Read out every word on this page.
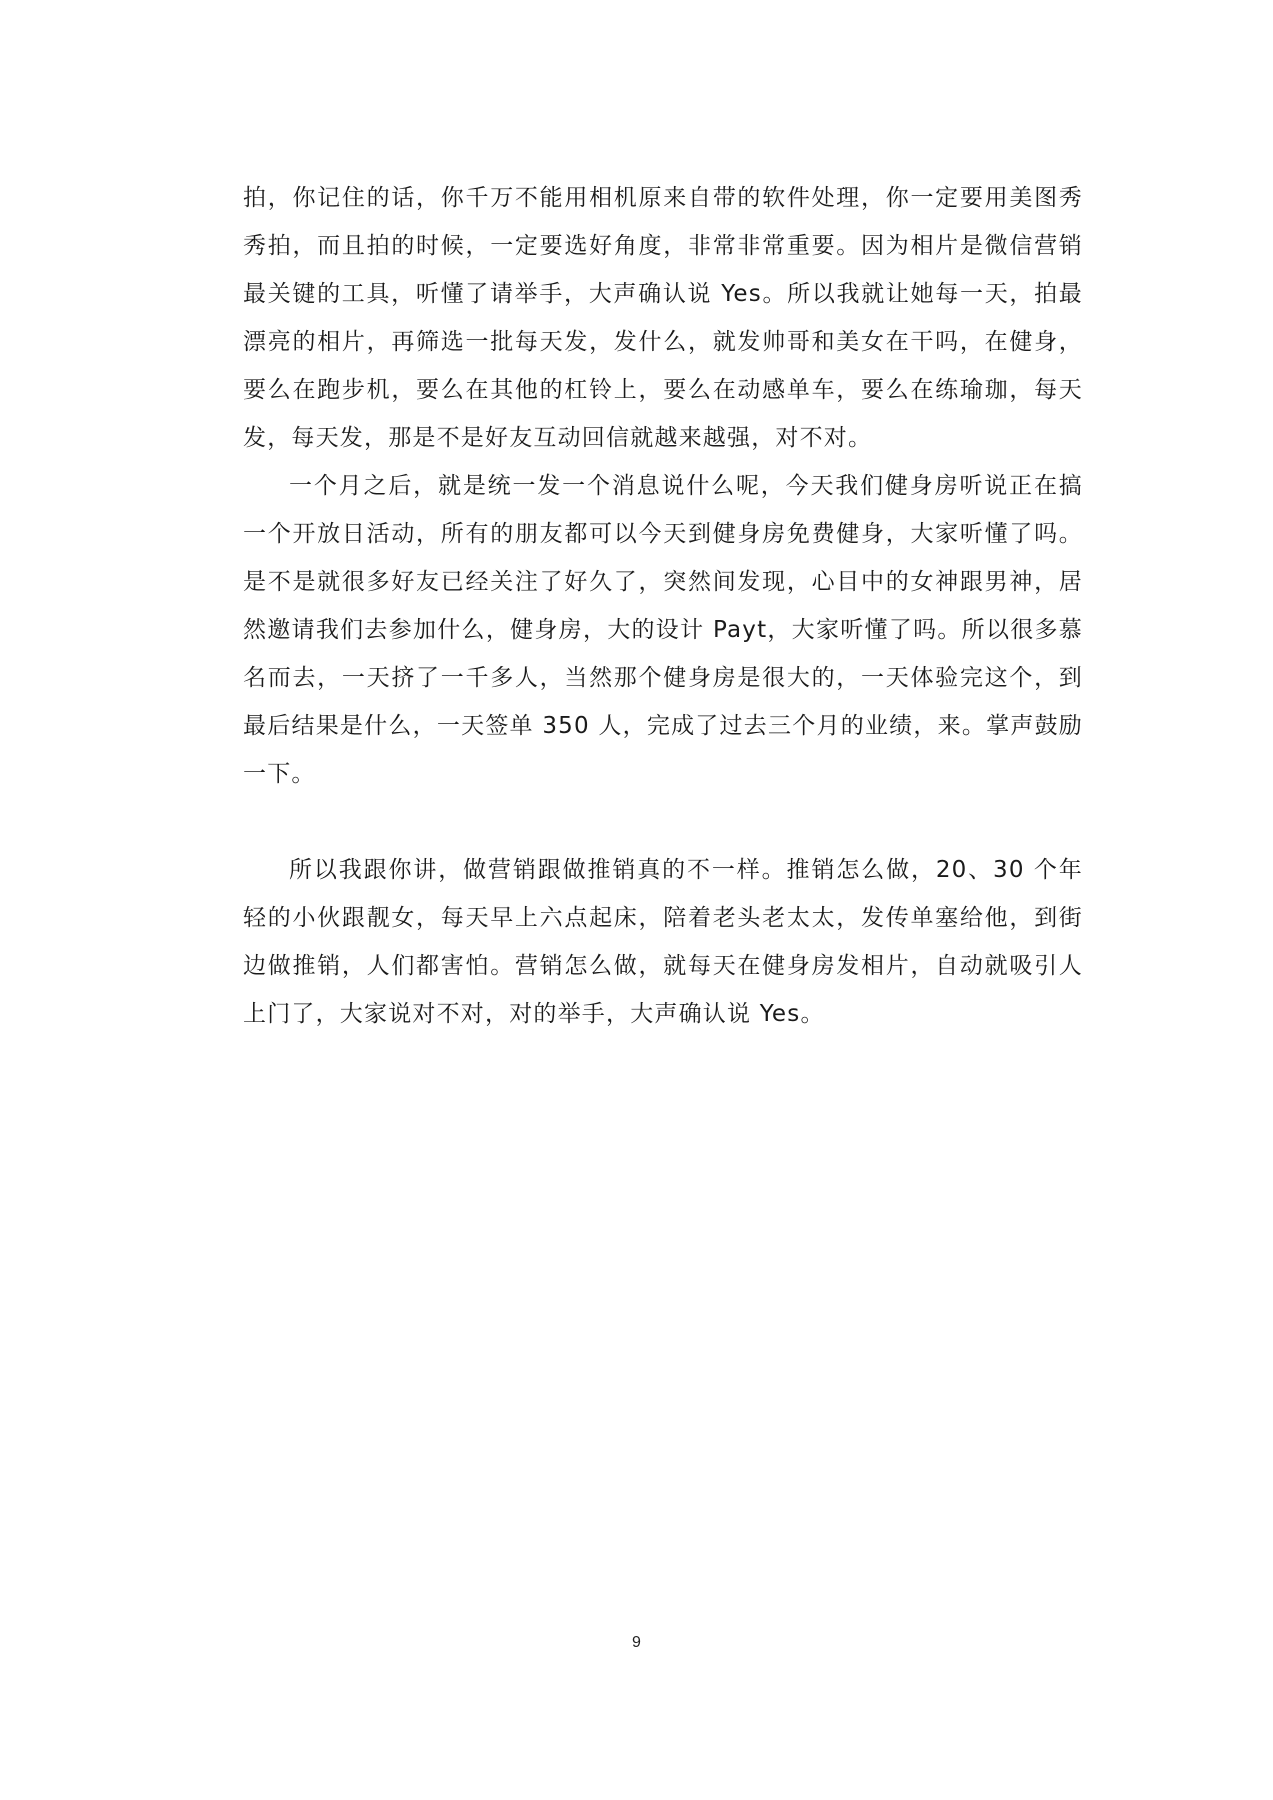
拍，你记住的话，你千万不能用相机原来自带的软件处理，你一定要用美图秀秀拍，而且拍的时候，一定要选好角度，非常非常重要。因为相片是微信营销最关键的工具，听懂了请举手，大声确认说 Yes。所以我就让她每一天，拍最漂亮的相片，再筛选一批每天发，发什么，就发帅哥和美女在干吗，在健身，要么在跑步机，要么在其他的杠铃上，要么在动感单车，要么在练瑜珈，每天发，每天发，那是不是好友互动回信就越来越强，对不对。

一个月之后，就是统一发一个消息说什么呢，今天我们健身房听说正在搞一个开放日活动，所有的朋友都可以今天到健身房免费健身，大家听懂了吗。是不是就很多好友已经关注了好久了，突然间发现，心目中的女神跟男神，居然邀请我们去参加什么，健身房，大的设计 Payt，大家听懂了吗。所以很多慕名而去，一天挤了一千多人，当然那个健身房是很大的，一天体验完这个，到最后结果是什么，一天签单 350 人，完成了过去三个月的业绩，来。掌声鼓励一下。

所以我跟你讲，做营销跟做推销真的不一样。推销怎么做，20、30 个年轻的小伙跟靓女，每天早上六点起床，陪着老头老太太，发传单塞给他，到街边做推销，人们都害怕。营销怎么做，就每天在健身房发相片，自动就吸引人上门了，大家说对不对，对的举手，大声确认说 Yes。

9
